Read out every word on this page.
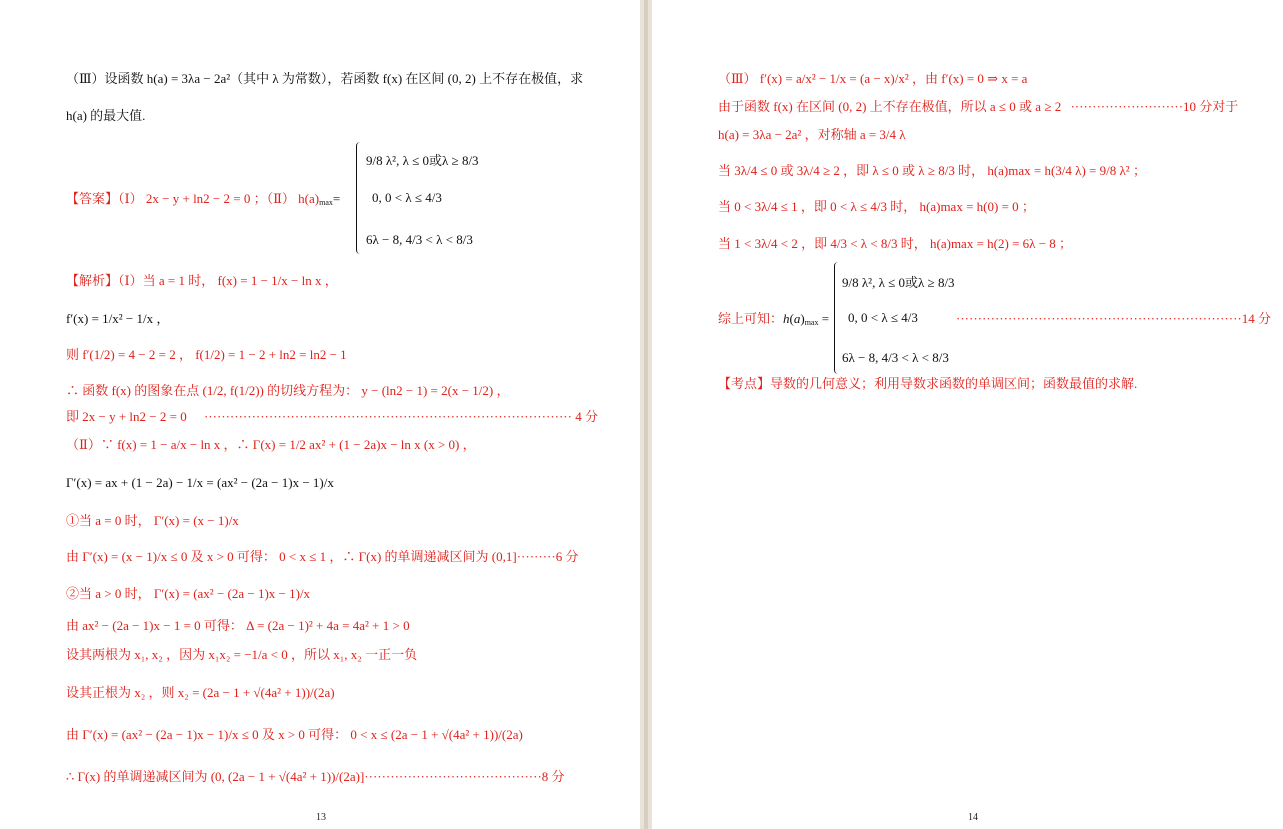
（Ⅲ）设函数 h(a) = 3λa − 2a²（其中 λ 为常数），若函数 f(x) 在区间 (0, 2) 上不存在极值，求
h(a) 的最大值.
【答案】（Ⅰ） 2x − y + ln2 − 2 = 0 ；（Ⅱ） $h(a)_{max}=$
9/8 λ², λ ≤ 0或λ ≥ 8/3
0, 0 < λ ≤ 4/3
6λ − 8, 4/3 < λ < 8/3
【解析】（Ⅰ）当 a = 1 时， f(x) = 1 − 1/x − ln x ，
f′(x) = 1/x² − 1/x ，
则 f′(1/2) = 4 − 2 = 2 ， f(1/2) = 1 − 2 + ln2 = ln2 − 1
∴ 函数 f(x) 的图象在点 (1/2, f(1/2)) 的切线方程为： y − (ln2 − 1) = 2(x − 1/2) ，
即 2x − y + ln2 − 2 = 0 ····················································································· 4 分
（Ⅱ）∵ f(x) = 1 − a/x − ln x ，∴ Γ(x) = 1/2 ax² + (1 − 2a)x − ln x (x > 0) ，
Γ′(x) = ax + (1 − 2a) − 1/x = (ax² − (2a − 1)x − 1)/x
①当 a = 0 时， Γ′(x) = (x − 1)/x
由 Γ′(x) = (x − 1)/x ≤ 0 及 x > 0 可得： 0 < x ≤ 1 ，∴ Γ(x) 的单调递减区间为 (0,1]·········6 分
②当 a > 0 时， Γ′(x) = (ax² − (2a − 1)x − 1)/x
由 ax² − (2a − 1)x − 1 = 0 可得： Δ = (2a − 1)² + 4a = 4a² + 1 > 0
设其两根为 x₁, x₂ ，因为 x₁x₂ = −1/a < 0 ，所以 x₁, x₂ 一正一负
设其正根为 x₂ ，则 x₂ = (2a − 1 + √(4a² + 1))/(2a)
由 Γ′(x) = (ax² − (2a − 1)x − 1)/x ≤ 0 及 x > 0 可得： 0 < x ≤ (2a − 1 + √(4a² + 1))/(2a)
∴ Γ(x) 的单调递减区间为 (0, (2a − 1 + √(4a² + 1))/(2a)]·········································8 分
13
（Ⅲ） f′(x) = a/x² − 1/x = (a − x)/x² ，由 f′(x) = 0 ⇒ x = a
由于函数 f(x) 在区间 (0, 2) 上不存在极值，所以 a ≤ 0 或 a ≥ 2 ··························10 分对于
h(a) = 3λa − 2a² ，对称轴 a = 3/4 λ
当 3λ/4 ≤ 0 或 3λ/4 ≥ 2 ，即 λ ≤ 0 或 λ ≥ 8/3 时， h(a)max = h(3/4 λ) = 9/8 λ² ；
当 0 < 3λ/4 ≤ 1 ，即 0 < λ ≤ 4/3 时， h(a)max = h(0) = 0 ；
当 1 < 3λ/4 < 2 ，即 4/3 < λ < 8/3 时， h(a)max = h(2) = 6λ − 8 ；
综上可知：$h(a)_{max}$ =
9/8 λ², λ ≤ 0或λ ≥ 8/3
0, 0 < λ ≤ 4/3
6λ − 8, 4/3 < λ < 8/3
··································································14 分
【考点】导数的几何意义；利用导数求函数的单调区间；函数最值的求解.
14
